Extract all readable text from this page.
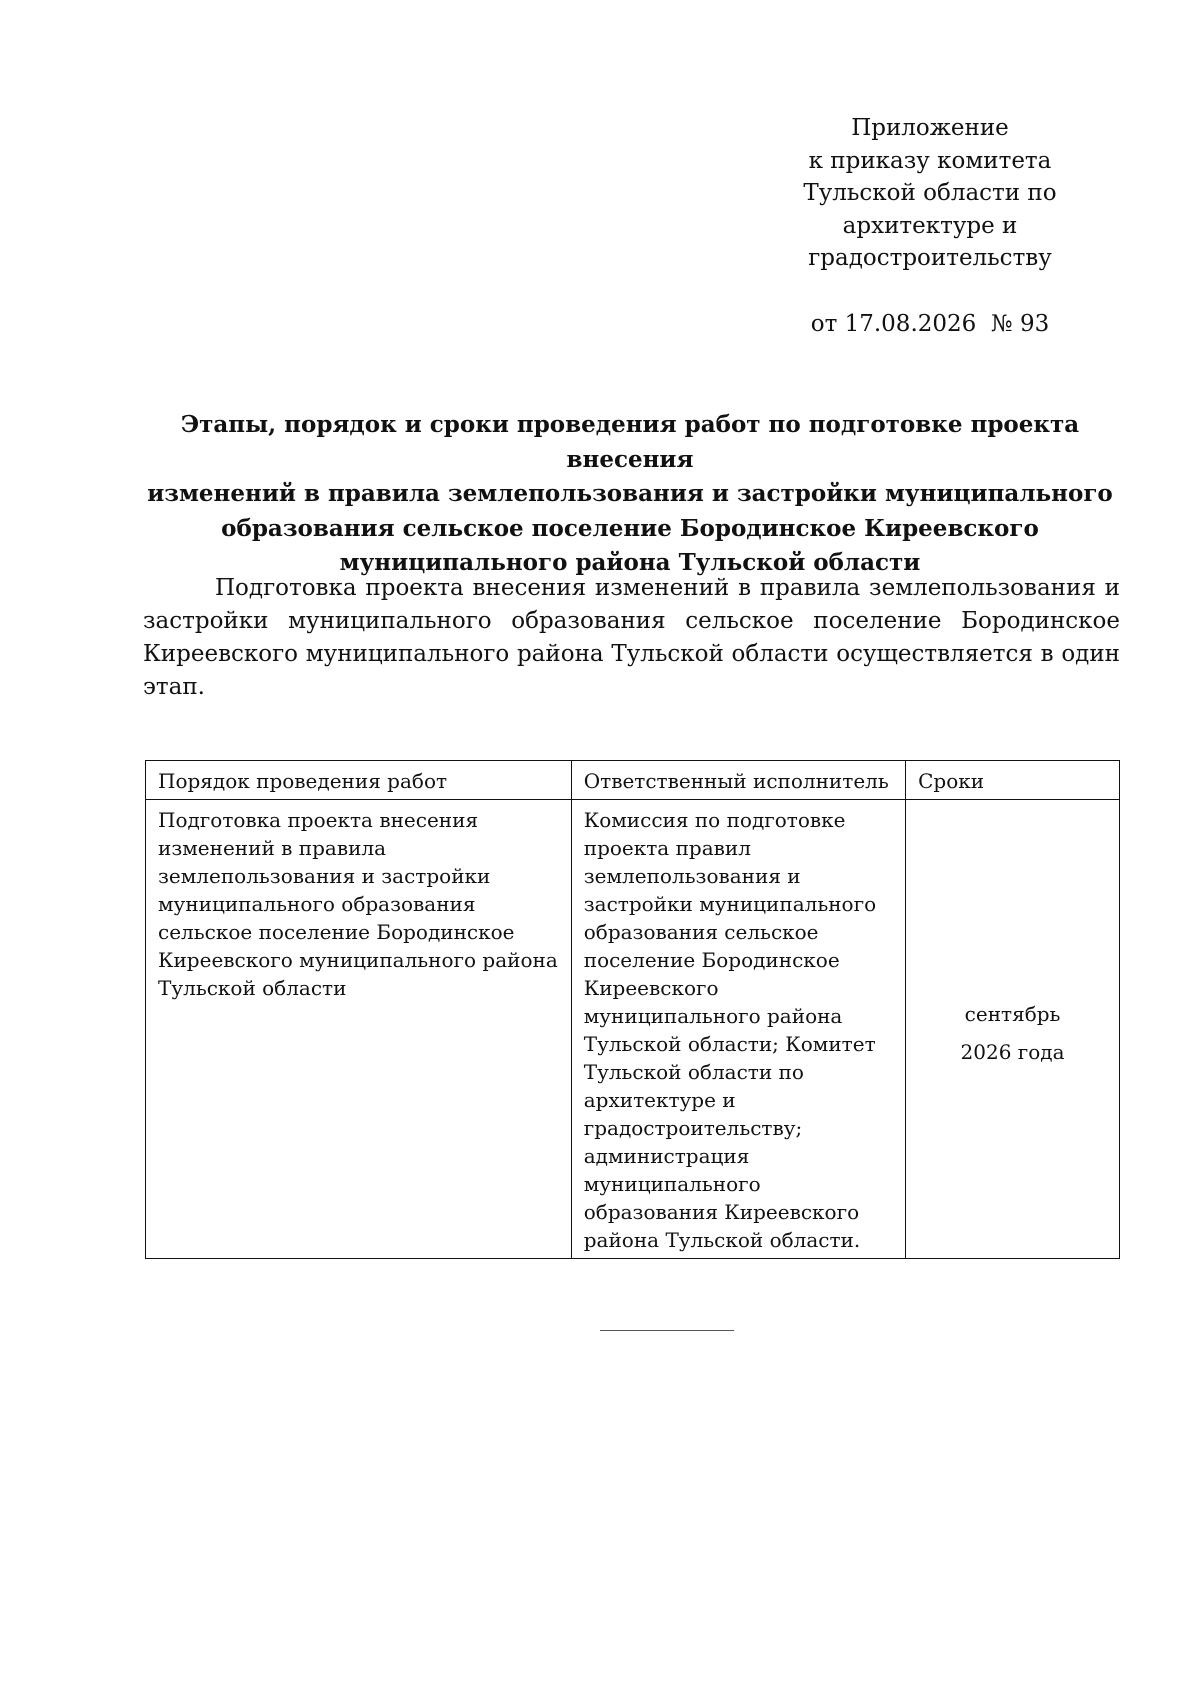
Приложение
к приказу комитета
Тульской области по
архитектуре и
градостроительству
от 17.08.2026  № 93
Этапы, порядок и сроки проведения работ по подготовке проекта внесения
изменений в правила землепользования и застройки муниципального
образования сельское поселение Бородинское Киреевского
муниципального района Тульской области

Подготовка проекта внесения изменений в правила землепользования и застройки муниципального образования сельское поселение Бородинское Киреевского муниципального района Тульской области осуществляется в один этап.

Порядок проведения работ	Ответственный исполнитель	Сроки
Подготовка проекта внесения изменений в правила землепользования и застройки муниципального образования сельское поселение Бородинское Киреевского муниципального района Тульской области	Комиссия по подготовке проекта правил землепользования и застройки муниципального образования сельское поселение Бородинское Киреевского муниципального района Тульской области; Комитет Тульской области по архитектуре и градостроительству; администрация муниципального образования Киреевского района Тульской области.	сентябрь
2026 года
